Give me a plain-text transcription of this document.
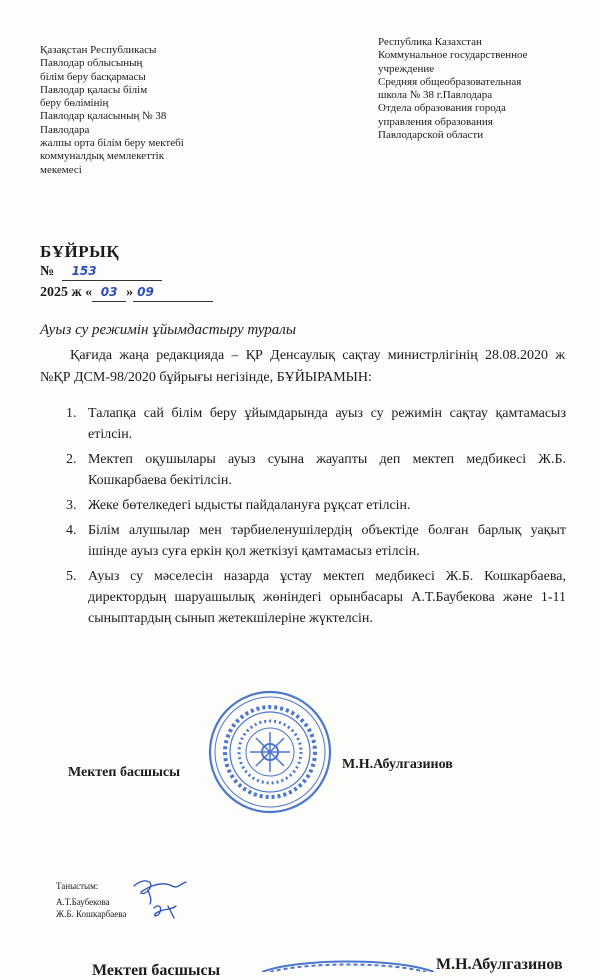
Қазақстан Республикасы
Павлодар облысының
білім беру басқармасы
Павлодар қаласы білім
беру бөлімінің
Павлодар қаласының № 38
Павлодара
жалпы орта білім беру мектебі
коммуналдық мемлекеттік
мекемесі
Республика Казахстан
Коммунальное государственное
учреждение
Средняя общеобразовательная
школа № 38 г.Павлодара
Отдела образования города
управления образования
Павлодарской области
БҰЙРЫҚ
№ 153
2025 ж « 03 » 09
Ауыз су режимін ұйымдастыру туралы
Қағида жаңа редакцияда – ҚР Денсаулық сақтау министрлігінің 28.08.2020 ж №ҚР ДСМ-98/2020 бұйрығы негізінде, БҰЙЫРАМЫН:
1. Талапқа сай білім беру ұйымдарында ауыз су режимін сақтау қамтамасыз етілсін.
2. Мектеп оқушылары ауыз суына жауапты деп мектеп медбикесі Ж.Б. Кошкарбаева бекітілсін.
3. Жеке бөтелкедегі ыдысты пайдалануға рұқсат етілсін.
4. Білім алушылар мен тәрбиеленушілердің объектіде болған барлық уақыт ішінде ауыз суға еркін қол жеткізуі қамтамасыз етілсін.
5. Ауыз су мәселесін назарда ұстау мектеп медбикесі Ж.Б. Кошкарбаева, директордың шаруашылық жөніндегі орынбасары А.Т.Баубекова және 1-11 сыныптардың сынып жетекшілеріне жүктелсін.
Мектеп басшысы
М.Н.Абулгазинов
Таныстым:
А.Т.Баубекова
Ж.Б. Кошкарбаева
Мектеп басшысы	М.Н.Абулгазинов
